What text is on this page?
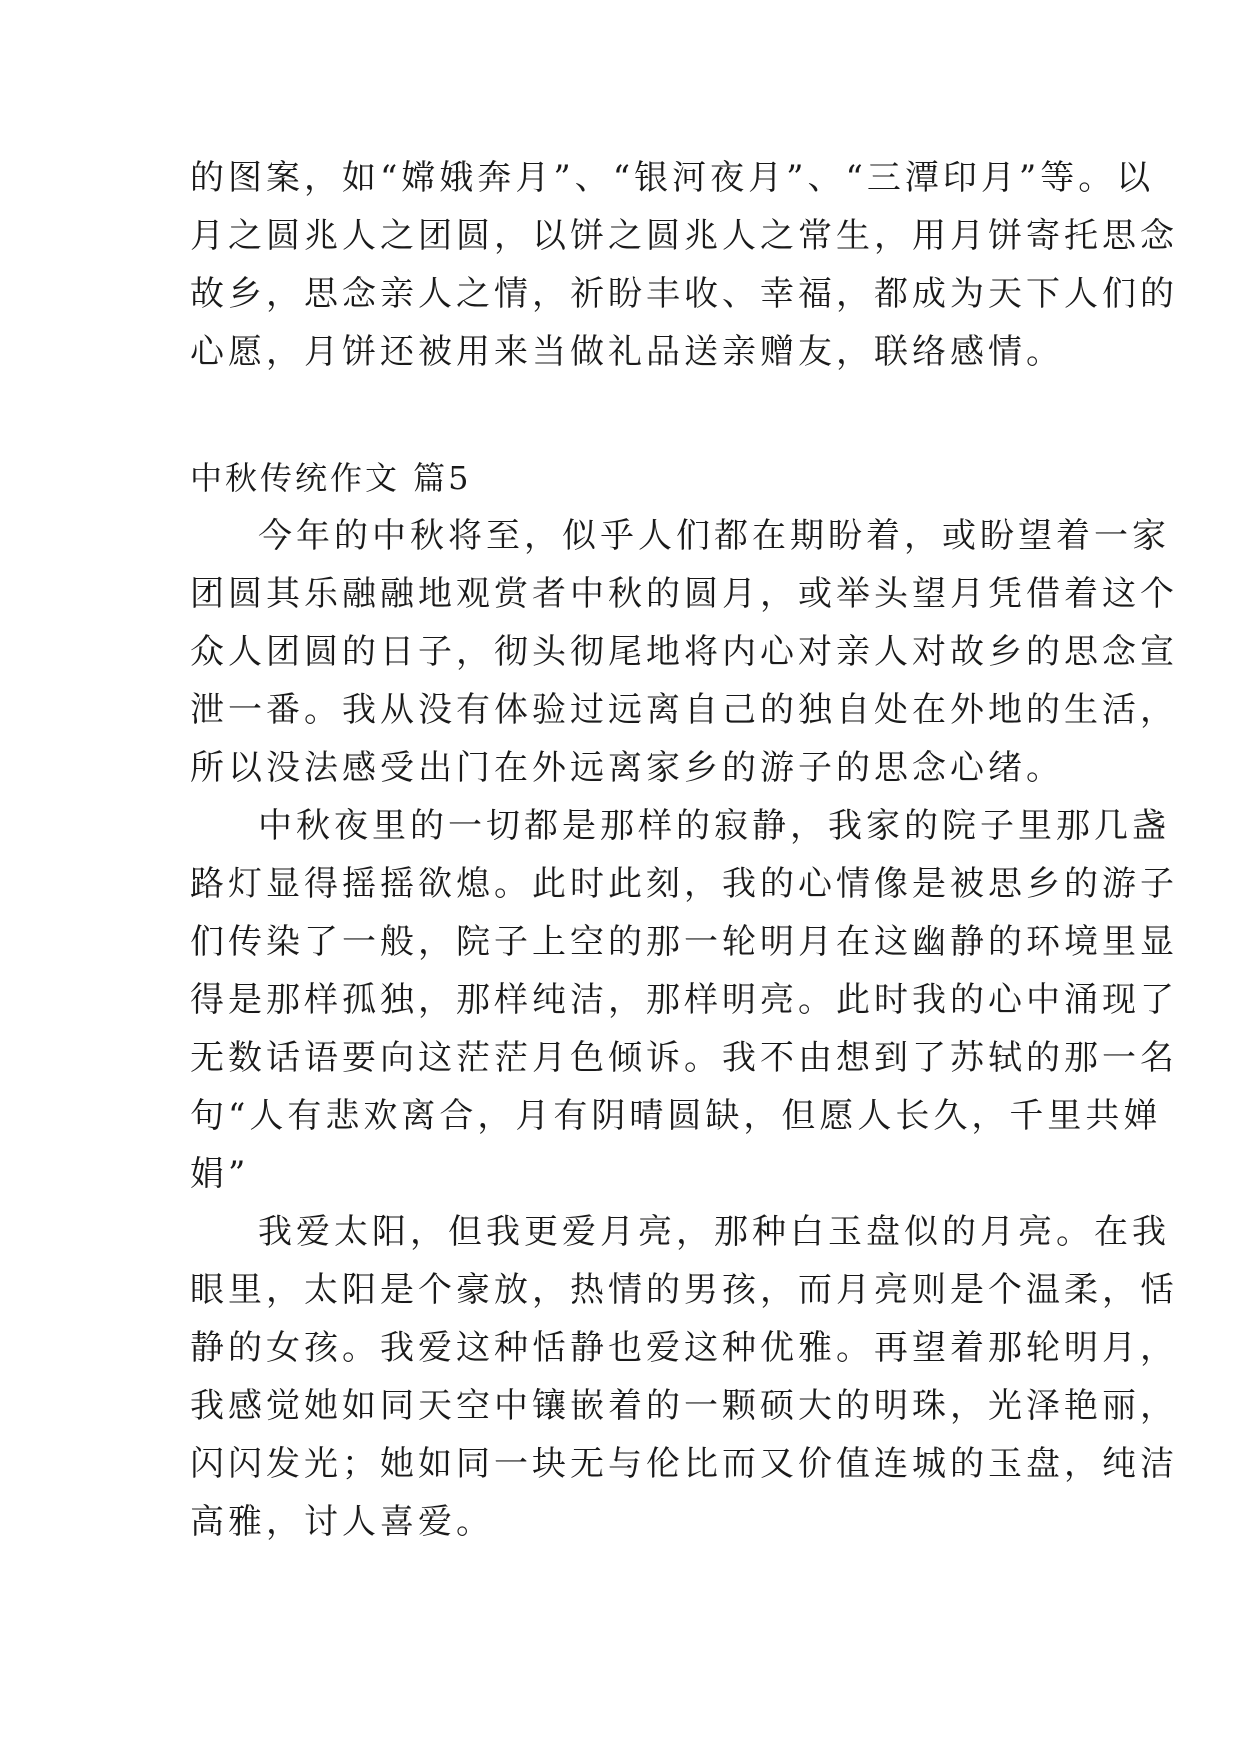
的图案，如“嫦娥奔月”、“银河夜月”、“三潭印月”等。以
月之圆兆人之团圆，以饼之圆兆人之常生，用月饼寄托思念
故乡，思念亲人之情，祈盼丰收、幸福，都成为天下人们的
心愿，月饼还被用来当做礼品送亲赠友，联络感情。
中秋传统作文 篇5
今年的中秋将至，似乎人们都在期盼着，或盼望着一家
团圆其乐融融地观赏者中秋的圆月，或举头望月凭借着这个
众人团圆的日子，彻头彻尾地将内心对亲人对故乡的思念宣
泄一番。我从没有体验过远离自己的独自处在外地的生活，
所以没法感受出门在外远离家乡的游子的思念心绪。
中秋夜里的一切都是那样的寂静，我家的院子里那几盏
路灯显得摇摇欲熄。此时此刻，我的心情像是被思乡的游子
们传染了一般，院子上空的那一轮明月在这幽静的环境里显
得是那样孤独，那样纯洁，那样明亮。此时我的心中涌现了
无数话语要向这茫茫月色倾诉。我不由想到了苏轼的那一名
句“人有悲欢离合，月有阴晴圆缺，但愿人长久，千里共婵
娟”
我爱太阳，但我更爱月亮，那种白玉盘似的月亮。在我
眼里，太阳是个豪放，热情的男孩，而月亮则是个温柔，恬
静的女孩。我爱这种恬静也爱这种优雅。再望着那轮明月，
我感觉她如同天空中镶嵌着的一颗硕大的明珠，光泽艳丽，
闪闪发光；她如同一块无与伦比而又价值连城的玉盘，纯洁
高雅，讨人喜爱。
